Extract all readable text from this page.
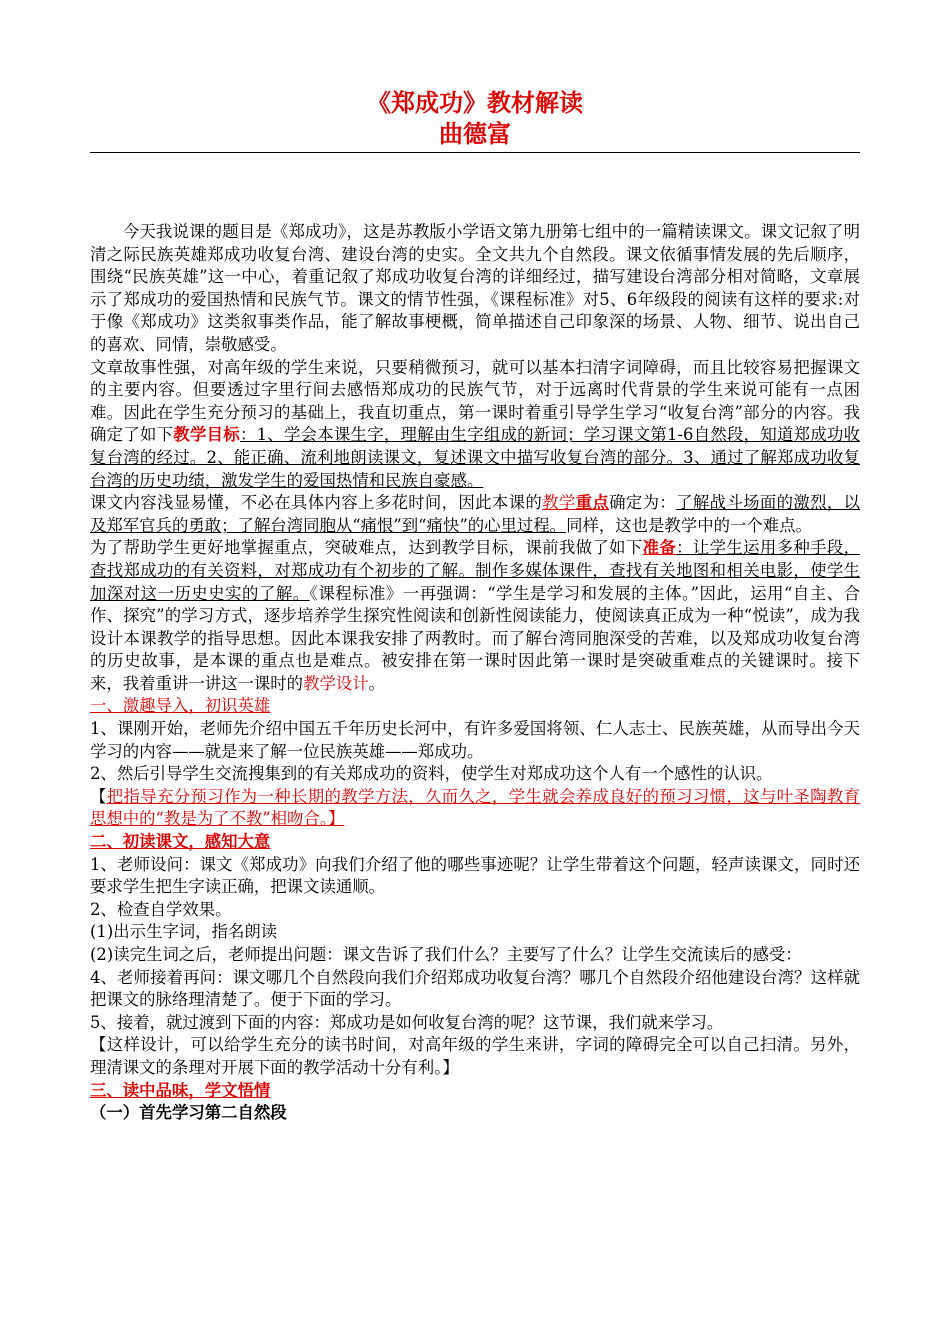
《郑成功》教材解读
曲德富

今天我说课的题目是《郑成功》，这是苏教版小学语文第九册第七组中的一篇精读课文。课文记叙了明清之际民族英雄郑成功收复台湾、建设台湾的史实。全文共九个自然段。课文依循事情发展的先后顺序，围绕“民族英雄”这一中心，着重记叙了郑成功收复台湾的详细经过，描写建设台湾部分相对简略，文章展示了郑成功的爱国热情和民族气节。课文的情节性强，《课程标准》对5、6年级段的阅读有这样的要求:对于像《郑成功》这类叙事类作品，能了解故事梗概，简单描述自己印象深的场景、人物、细节、说出自己的喜欢、同情，崇敬感受。

文章故事性强，对高年级的学生来说，只要稍微预习，就可以基本扫清字词障碍，而且比较容易把握课文的主要内容。但要透过字里行间去感悟郑成功的民族气节，对于远离时代背景的学生来说可能有一点困难。因此在学生充分预习的基础上，我直切重点，第一课时着重引导学生学习“收复台湾”部分的内容。我确定了如下教学目标：1、学会本课生字，理解由生字组成的新词；学习课文第1-6自然段，知道郑成功收复台湾的经过。2、能正确、流利地朗读课文，复述课文中描写收复台湾的部分。3、通过了解郑成功收复台湾的历史功绩，激发学生的爱国热情和民族自豪感。

课文内容浅显易懂，不必在具体内容上多花时间，因此本课的教学重点确定为：了解战斗场面的激烈，以及郑军官兵的勇敢；了解台湾同胞从“痛恨”到“痛快”的心里过程。同样，这也是教学中的一个难点。

为了帮助学生更好地掌握重点，突破难点，达到教学目标，课前我做了如下准备：让学生运用多种手段，查找郑成功的有关资料，对郑成功有个初步的了解。制作多媒体课件，查找有关地图和相关电影，使学生加深对这一历史史实的了解。《课程标准》一再强调：“学生是学习和发展的主体。”因此，运用“自主、合作、探究”的学习方式，逐步培养学生探究性阅读和创新性阅读能力，使阅读真正成为一种“悦读”，成为我设计本课教学的指导思想。因此本课我安排了两教时。而了解台湾同胞深受的苦难，以及郑成功收复台湾的历史故事，是本课的重点也是难点。被安排在第一课时因此第一课时是突破重难点的关键课时。接下来，我着重讲一讲这一课时的教学设计。

一、激趣导入，初识英雄

1、课刚开始，老师先介绍中国五千年历史长河中，有许多爱国将领、仁人志士、民族英雄，从而导出今天学习的内容——就是来了解一位民族英雄——郑成功。

2、然后引导学生交流搜集到的有关郑成功的资料，使学生对郑成功这个人有一个感性的认识。

【把指导充分预习作为一种长期的教学方法，久而久之，学生就会养成良好的预习习惯，这与叶圣陶教育思想中的“教是为了不教”相吻合。】

二、初读课文，感知大意

1、老师设问：课文《郑成功》向我们介绍了他的哪些事迹呢？让学生带着这个问题，轻声读课文，同时还要求学生把生字读正确，把课文读通顺。

2、检查自学效果。

(1)出示生字词，指名朗读

(2)读完生词之后，老师提出问题：课文告诉了我们什么？主要写了什么？让学生交流读后的感受：

4、老师接着再问：课文哪几个自然段向我们介绍郑成功收复台湾？哪几个自然段介绍他建设台湾？这样就把课文的脉络理清楚了。便于下面的学习。

5、接着，就过渡到下面的内容：郑成功是如何收复台湾的呢？这节课，我们就来学习。

【这样设计，可以给学生充分的读书时间，对高年级的学生来讲，字词的障碍完全可以自己扫清。另外，理清课文的条理对开展下面的教学活动十分有利。】

三、读中品味，学文悟情

（一）首先学习第二自然段
